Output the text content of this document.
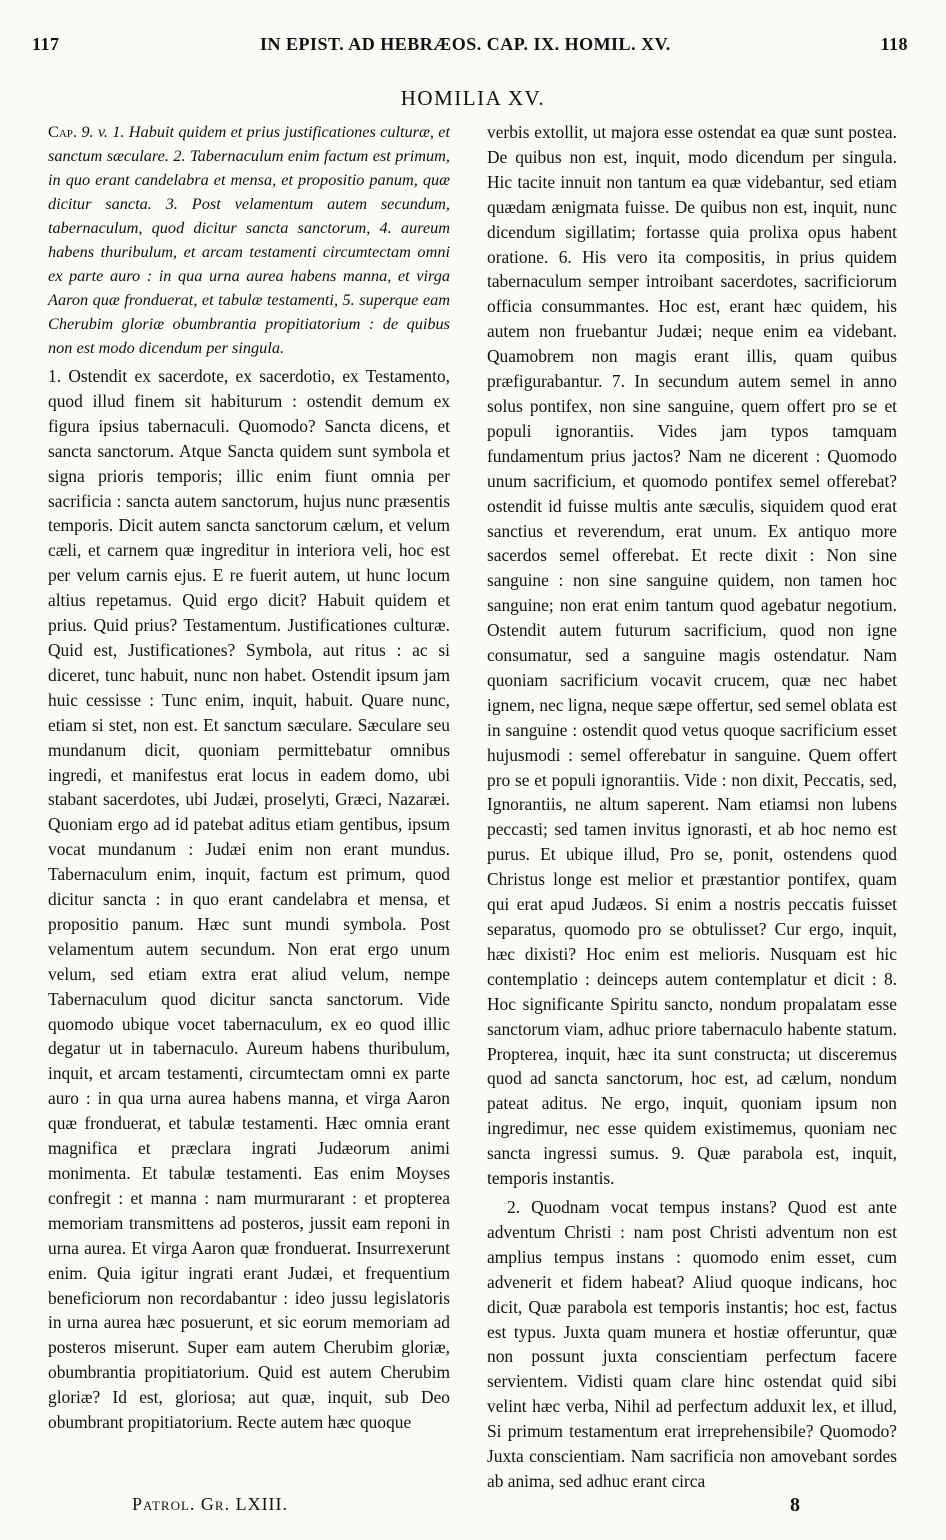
117	IN EPIST. AD HEBRÆOS. CAP. IX. HOMIL. XV.	118
HOMILIA XV.

Cap. 9. v. 1. Habuit quidem et prius justificationes culturæ, et sanctum sæculare. 2. Tabernaculum enim factum est primum, in quo erant candelabra et mensa, et propositio panum, quæ dicitur sancta. 3. Post velamentum autem secundum, tabernaculum, quod dicitur sancta sanctorum, 4. aureum habens thuribulum, et arcam testamenti circumtectam omni ex parte auro : in qua urna aurea habens manna, et virga Aaron quæ fronduerat, et tabulæ testamenti, 5. superque eam Cherubim gloriæ obumbrantia propitiatorium : de quibus non est modo dicendum per singula.

1. Ostendit ex sacerdote, ex sacerdotio, ex Testamento, quod illud finem sit habiturum : ostendit demum ex figura ipsius tabernaculi. Quomodo? Sancta dicens, et sancta sanctorum. Atque Sancta quidem sunt symbola et signa prioris temporis; illic enim fiunt omnia per sacrificia : sancta autem sanctorum, hujus nunc præsentis temporis. Dicit autem sancta sanctorum cælum, et velum cæli, et carnem quæ ingreditur in interiora veli, hoc est per velum carnis ejus. E re fuerit autem, ut hunc locum altius repetamus. Quid ergo dicit? Habuit quidem et prius. Quid prius? Testamentum. Justificationes culturæ. Quid est, Justificationes? Symbola, aut ritus : ac si diceret, tunc habuit, nunc non habet. Ostendit ipsum jam huic cessisse : Tunc enim, inquit, habuit. Quare nunc, etiam si stet, non est. Et sanctum sæculare. Sæculare seu mundanum dicit, quoniam permittebatur omnibus ingredi, et manifestus erat locus in eadem domo, ubi stabant sacerdotes, ubi Judæi, proselyti, Græci, Nazaræi. Quoniam ergo ad id patebat aditus etiam gentibus, ipsum vocat mundanum : Judæi enim non erant mundus. Tabernaculum enim, inquit, factum est primum, quod dicitur sancta : in quo erant candelabra et mensa, et propositio panum. Hæc sunt mundi symbola. Post velamentum autem secundum. Non erat ergo unum velum, sed etiam extra erat aliud velum, nempe Tabernaculum quod dicitur sancta sanctorum. Vide quomodo ubique vocet tabernaculum, ex eo quod illic degatur ut in tabernaculo. Aureum habens thuribulum, inquit, et arcam testamenti, circumtectam omni ex parte auro : in qua urna aurea habens manna, et virga Aaron quæ fronduerat, et tabulæ testamenti. Hæc omnia erant magnifica et præclara ingrati Judæorum animi monimenta. Et tabulæ testamenti. Eas enim Moyses confregit : et manna : nam murmurarant : et propterea memoriam transmittens ad posteros, jussit eam reponi in urna aurea. Et virga Aaron quæ fronduerat. Insurrexerunt enim. Quia igitur ingrati erant Judæi, et frequentium beneficiorum non recordabantur : ideo jussu legislatoris in urna aurea hæc posuerunt, et sic eorum memoriam ad posteros miserunt. Super eam autem Cherubim gloriæ, obumbrantia propitiatorium. Quid est autem Cherubim gloriæ? Id est, gloriosa; aut quæ, inquit, sub Deo obumbrant propitiatorium. Recte autem hæc quoque

verbis extollit, ut majora esse ostendat ea quæ sunt postea. De quibus non est, inquit, modo dicendum per singula. Hic tacite innuit non tantum ea quæ videbantur, sed etiam quædam ænigmata fuisse. De quibus non est, inquit, nunc dicendum sigillatim; fortasse quia prolixa opus habent oratione. 6. His vero ita compositis, in prius quidem tabernaculum semper introibant sacerdotes, sacrificiorum officia consummantes. Hoc est, erant hæc quidem, his autem non fruebantur Judæi; neque enim ea videbant. Quamobrem non magis erant illis, quam quibus præfigurabantur. 7. In secundum autem semel in anno solus pontifex, non sine sanguine, quem offert pro se et populi ignorantiis. Vides jam typos tamquam fundamentum prius jactos? Nam ne dicerent : Quomodo unum sacrificium, et quomodo pontifex semel offerebat? ostendit id fuisse multis ante sæculis, siquidem quod erat sanctius et reverendum, erat unum. Ex antiquo more sacerdos semel offerebat. Et recte dixit : Non sine sanguine : non sine sanguine quidem, non tamen hoc sanguine; non erat enim tantum quod agebatur negotium. Ostendit autem futurum sacrificium, quod non igne consumatur, sed a sanguine magis ostendatur. Nam quoniam sacrificium vocavit crucem, quæ nec habet ignem, nec ligna, neque sæpe offertur, sed semel oblata est in sanguine : ostendit quod vetus quoque sacrificium esset hujusmodi : semel offerebatur in sanguine. Quem offert pro se et populi ignorantiis. Vide : non dixit, Peccatis, sed, Ignorantiis, ne altum saperent. Nam etiamsi non lubens peccasti; sed tamen invitus ignorasti, et ab hoc nemo est purus. Et ubique illud, Pro se, ponit, ostendens quod Christus longe est melior et præstantior pontifex, quam qui erat apud Judæos. Si enim a nostris peccatis fuisset separatus, quomodo pro se obtulisset? Cur ergo, inquit, hæc dixisti? Hoc enim est melioris. Nusquam est hic contemplatio : deinceps autem contemplatur et dicit : 8. Hoc significante Spiritu sancto, nondum propalatam esse sanctorum viam, adhuc priore tabernaculo habente statum. Propterea, inquit, hæc ita sunt constructa; ut disceremus quod ad sancta sanctorum, hoc est, ad cælum, nondum pateat aditus. Ne ergo, inquit, quoniam ipsum non ingredimur, nec esse quidem existimemus, quoniam nec sancta ingressi sumus. 9. Quæ parabola est, inquit, temporis instantis.

2. Quodnam vocat tempus instans? Quod est ante adventum Christi : nam post Christi adventum non est amplius tempus instans : quomodo enim esset, cum advenerit et fidem habeat? Aliud quoque indicans, hoc dicit, Quæ parabola est temporis instantis; hoc est, factus est typus. Juxta quam munera et hostiæ offeruntur, quæ non possunt juxta conscientiam perfectum facere servientem. Vidisti quam clare hinc ostendat quid sibi velint hæc verba, Nihil ad perfectum adduxit lex, et illud, Si primum testamentum erat irreprehensibile? Quomodo? Juxta conscientiam. Nam sacrificia non amovebant sordes ab anima, sed adhuc erant circa

Patrol. Gr. LXIII.	8
